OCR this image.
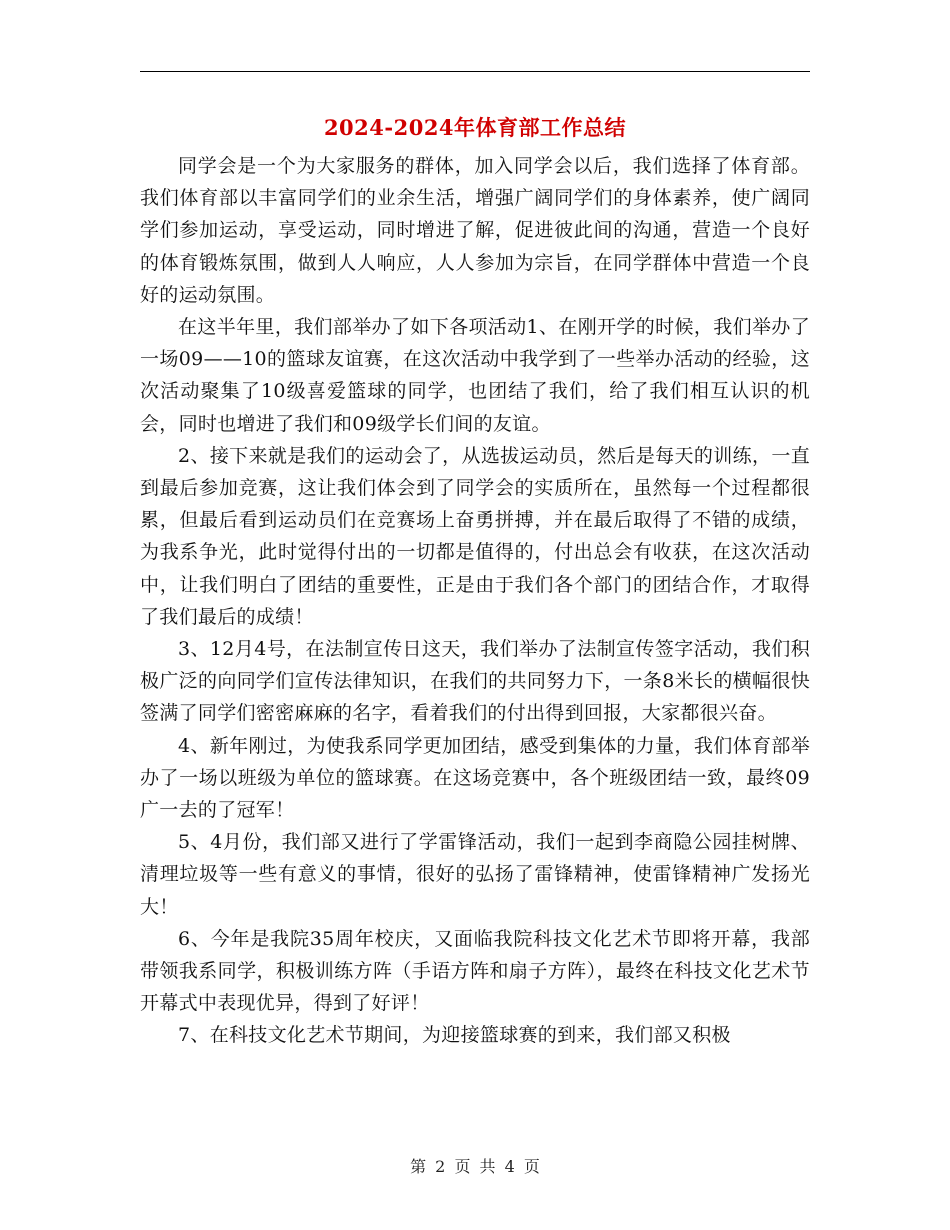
2024-2024年体育部工作总结

同学会是一个为大家服务的群体，加入同学会以后，我们选择了体育部。我们体育部以丰富同学们的业余生活，增强广阔同学们的身体素养，使广阔同学们参加运动，享受运动，同时增进了解，促进彼此间的沟通，营造一个良好的体育锻炼氛围，做到人人响应，人人参加为宗旨，在同学群体中营造一个良好的运动氛围。

在这半年里，我们部举办了如下各项活动1、在刚开学的时候，我们举办了一场09——10的篮球友谊赛，在这次活动中我学到了一些举办活动的经验，这次活动聚集了10级喜爱篮球的同学，也团结了我们，给了我们相互认识的机会，同时也增进了我们和09级学长们间的友谊。

2、接下来就是我们的运动会了，从选拔运动员，然后是每天的训练，一直到最后参加竞赛，这让我们体会到了同学会的实质所在，虽然每一个过程都很累，但最后看到运动员们在竞赛场上奋勇拼搏，并在最后取得了不错的成绩，为我系争光，此时觉得付出的一切都是值得的，付出总会有收获，在这次活动中，让我们明白了团结的重要性，正是由于我们各个部门的团结合作，才取得了我们最后的成绩！

3、12月4号，在法制宣传日这天，我们举办了法制宣传签字活动，我们积极广泛的向同学们宣传法律知识，在我们的共同努力下，一条8米长的横幅很快签满了同学们密密麻麻的名字，看着我们的付出得到回报，大家都很兴奋。

4、新年刚过，为使我系同学更加团结，感受到集体的力量，我们体育部举办了一场以班级为单位的篮球赛。在这场竞赛中，各个班级团结一致，最终09广一去的了冠军！

5、4月份，我们部又进行了学雷锋活动，我们一起到李商隐公园挂树牌、清理垃圾等一些有意义的事情，很好的弘扬了雷锋精神，使雷锋精神广发扬光大！

6、今年是我院35周年校庆，又面临我院科技文化艺术节即将开幕，我部带领我系同学，积极训练方阵（手语方阵和扇子方阵），最终在科技文化艺术节开幕式中表现优异，得到了好评！

7、在科技文化艺术节期间，为迎接篮球赛的到来，我们部又积极

第 2 页 共 4 页
